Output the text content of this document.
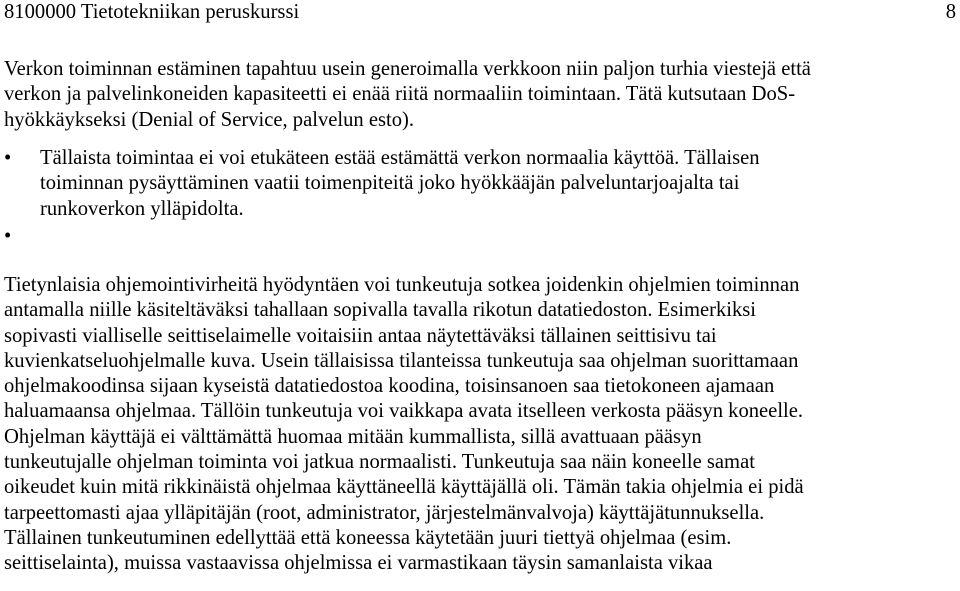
8100000 Tietotekniikan peruskurssi	8

Verkon toiminnan estäminen tapahtuu usein generoimalla verkkoon niin paljon turhia viestejä että
verkon ja palvelinkoneiden kapasiteetti ei enää riitä normaaliin toimintaan. Tätä kutsutaan DoS-
hyökkäykseksi (Denial of Service, palvelun esto).

• Tällaista toimintaa ei voi etukäteen estää estämättä verkon normaalia käyttöä. Tällaisen
toiminnan pysäyttäminen vaatii toimenpiteitä joko hyökkääjän palveluntarjoajalta tai
runkoverkon ylläpidolta.
•

Tietynlaisia ohjemointivirheitä hyödyntäen voi tunkeutuja sotkea joidenkin ohjelmien toiminnan
antamalla niille käsiteltäväksi tahallaan sopivalla tavalla rikotun datatiedoston. Esimerkiksi
sopivasti vialliselle seittiselaimelle voitaisiin antaa näytettäväksi tällainen seittisivu tai
kuvienkatseluohjelmalle kuva. Usein tällaisissa tilanteissa tunkeutuja saa ohjelman suorittamaan
ohjelmakoodinsa sijaan kyseistä datatiedostoa koodina, toisinsanoen saa tietokoneen ajamaan
haluamaansa ohjelmaa. Tällöin tunkeutuja voi vaikkapa avata itselleen verkosta pääsyn koneelle.
Ohjelman käyttäjä ei välttämättä huomaa mitään kummallista, sillä avattuaan pääsyn
tunkeutujalle ohjelman toiminta voi jatkua normaalisti. Tunkeutuja saa näin koneelle samat
oikeudet kuin mitä rikkinäistä ohjelmaa käyttäneellä käyttäjällä oli. Tämän takia ohjelmia ei pidä
tarpeettomasti ajaa ylläpitäjän (root, administrator, järjestelmänvalvoja) käyttäjätunnuksella.
Tällainen tunkeutuminen edellyttää että koneessa käytetään juuri tiettyä ohjelmaa (esim.
seittiselainta), muissa vastaavissa ohjelmissa ei varmastikaan täysin samanlaista vikaa
